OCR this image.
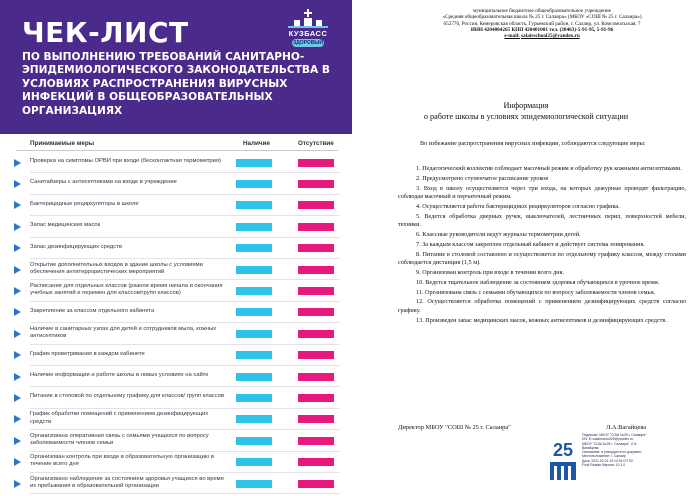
ЧЕК-ЛИСТ
ПО ВЫПОЛНЕНИЮ ТРЕБОВАНИЙ САНИТАРНО-ЭПИДЕМИОЛОГИЧЕСКОГО ЗАКОНОДАТЕЛЬСТВА В УСЛОВИЯХ РАСПРОСТРАНЕНИЯ ВИРУСНЫХ ИНФЕКЦИЙ В ОБЩЕОБРАЗОВАТЕЛЬНЫХ ОРГАНИЗАЦИЯХ
КУЗБАСС
ЗДОРОВЫЙ
Принимаемые меры	Наличие	Отсутствие
Проверка на симптомы ОРВИ при входе (бесконтактная термометрия)
Санитайзеры с антисептиками на входе в учреждение
Бактерицидные рециркуляторы в школе
Запас медицинских масок
Запас дезинфицирующих средств
Открытие дополнительных входов в здание школы с условиями обеспечения антитеррористических мероприятий
Расписание для отдельных классов (разное время начала и окончания учебных занятий и перемен для классов/групп классов)
Закрепление за классом отдельного кабинета
Наличие в санитарных узлах для детей и сотрудников мыла, кожных антисептиков
График проветривания в каждом кабинете
Наличие информации и работе школы в новых условиях на сайте
Питание в столовой по отдельному графику для классов/ групп классов
График обработки помещений с применением дезинфицирующих средств
Организована оперативная связь с семьями учащихся по вопросу заболеваемости членов семьи
Организован контроль при входе в образовательную организацию в течение всего дня
Организовано наблюдение за состоянием здоровья учащихся во время их пребывания в образовательной организации
муниципальное бюджетное общеобразовательное учреждение
«Средняя общеобразовательная школа № 25 г. Салаира» (МБОУ «СОШ № 25 г. Салаира»)
652770, Россия, Кемеровская область, Гурьевский район, г. Салаир, ул. Комсомольская, 7
ИНН 4204004265 КПП 420401001 тел. (38463)-5-91-95, 5-91-96
e-mail: salairschool25@yandex.ru
Информация
о работе школы в условиях эпидемиологической ситуации
Во избежание распространения вирусных инфекции, соблюдаются следующие меры:

1. Педагогический коллектив соблюдает масочный режим и обработку рук кожными антисептиками.

2. Предусмотрено ступенчатое расписание уроков

3. Вход в школу осуществляется через три входа, на которых дежурные проводят фильтрацию, соблюдая масочный и перчаточный режим.

4. Осуществляется работа бактерицидных рециркуляторов согласно графика.

5. Ведется обработка дверных ручек, выключателей, лестничных перил, поверхностей мебели, техники.

6. Классные руководители ведут журналы термометрии детей.

7. За каждым классом закреплен отдельный кабинет и действует система зонирования.

8. Питание в столовой составлено и осуществляется по отдельному графику классов, между столами соблюдается дистанция (1,5 м).

9. Организован контроль при входе в течении всего дня.

10. Ведется тщательное наблюдение за состоянием здоровья обучающихся в урочное время.

11. Организована связь с семьями обучающихся по вопросу заболеваемости членов семьи.

12. Осуществляется обработка помещений с применением дезинфицирующих средств согласно графику.

13. Произведен запас медицинских масок, кожных антисептиков и дезинфицирующих средств.

Директор МБОУ "СОШ № 25 г. Салаира"	Л.А.Вагайцева
25
Подписан: МБОУ "СОШ №25 г. Салаира"
DN: E=salairschool25@yandex.ru,
МБОУ "СОШ №25 г. Салаира", Л.А. Вагайцева
Основание: я утвердил этот документ
Местоположение: г. Салаир
Дата: 2021.02.01 10:14:31+07'00'
Foxit Reader Версия: 10.1.0
